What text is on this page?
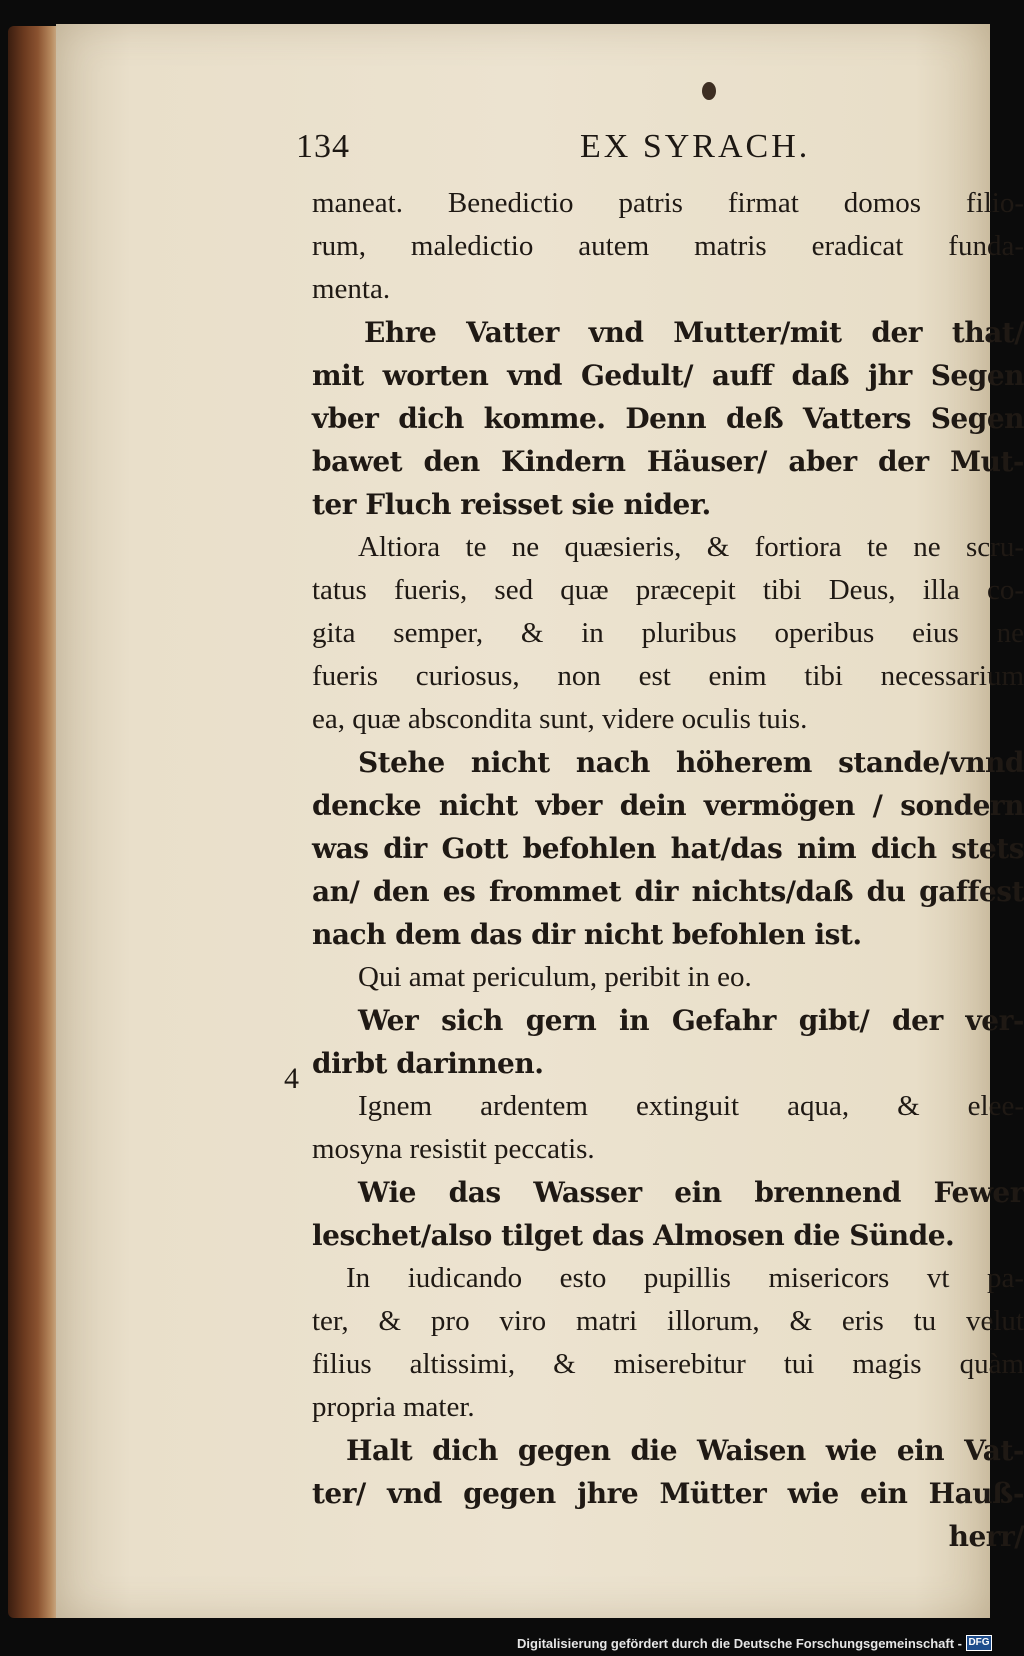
134	EX SYRACH.
4
maneat. Benedictio patris firmat domos filio-
rum, maledictio autem matris eradicat funda-
menta.
Ehre Vatter vnd Mutter/mit der that/
mit worten vnd Gedult/ auff daß jhr Segen
vber dich komme. Denn deß Vatters Segen
bawet den Kindern Häuser/ aber der Mut-
ter Fluch reisset sie nider.
Altiora te ne quæsieris, & fortiora te ne scru-
tatus fueris, sed quæ præcepit tibi Deus, illa co-
gita semper, & in pluribus operibus eius ne
fueris curiosus, non est enim tibi necessarium
ea, quæ abscondita sunt, videre oculis tuis.
Stehe nicht nach höherem stande/vnnd
dencke nicht vber dein vermögen / sondern
was dir Gott befohlen hat/das nim dich stets
an/ den es frommet dir nichts/daß du gaffest
nach dem das dir nicht befohlen ist.
Qui amat periculum, peribit in eo.
Wer sich gern in Gefahr gibt/ der ver-
dirbt darinnen.
Ignem ardentem extinguit aqua, & elee-
mosyna resistit peccatis.
Wie das Wasser ein brennend Fewer
leschet/also tilget das Almosen die Sünde.
In iudicando esto pupillis misericors vt pa-
ter, & pro viro matri illorum, & eris tu velut
filius altissimi, & miserebitur tui magis quàm
propria mater.
Halt dich gegen die Waisen wie ein Vat-
ter/ vnd gegen jhre Mütter wie ein Hauß-
herr/
Digitalisierung gefördert durch die Deutsche Forschungsgemeinschaft - DFG
